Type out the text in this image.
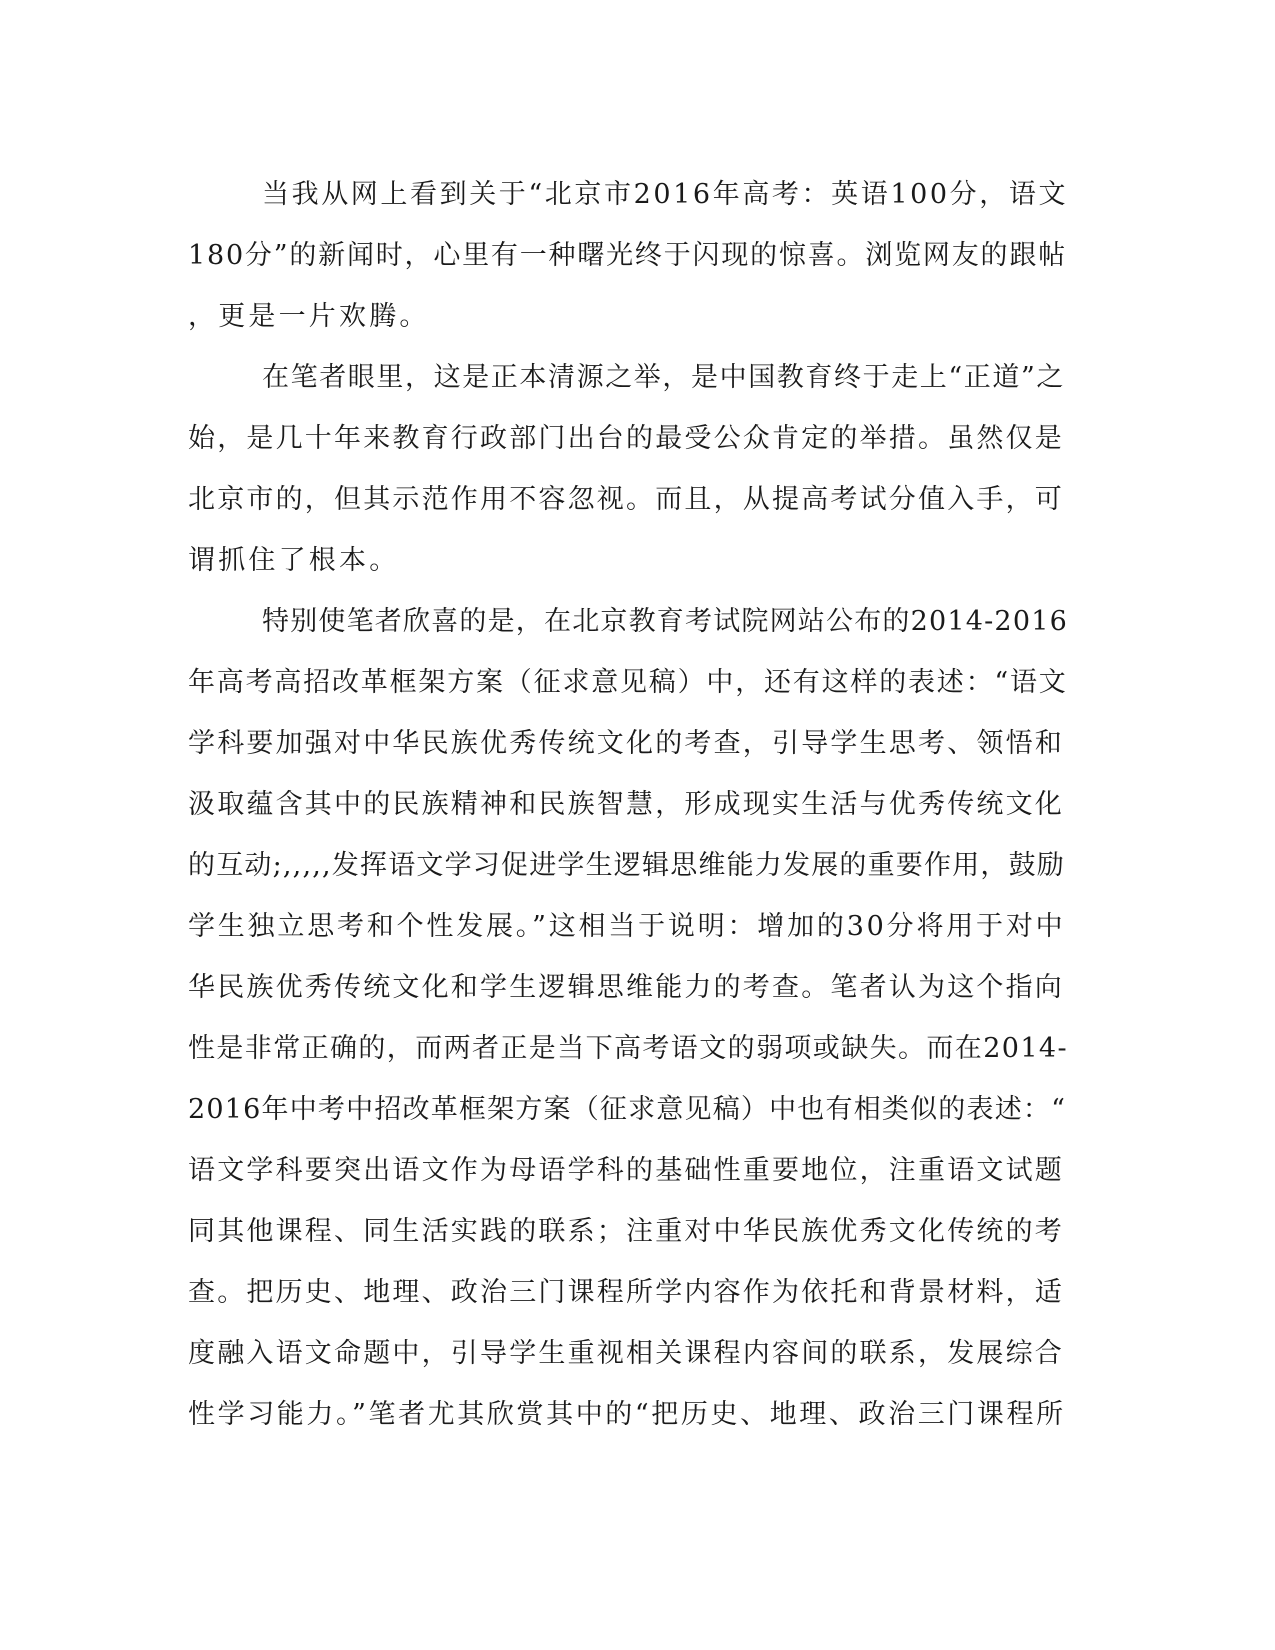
当我从网上看到关于“北京市2016年高考：英语100分，语文
180分”的新闻时，心里有一种曙光终于闪现的惊喜。浏览网友的跟帖
，更是一片欢腾。
在笔者眼里，这是正本清源之举，是中国教育终于走上“正道”之
始，是几十年来教育行政部门出台的最受公众肯定的举措。虽然仅是
北京市的，但其示范作用不容忽视。而且，从提高考试分值入手，可
谓抓住了根本。
特别使笔者欣喜的是，在北京教育考试院网站公布的2014-2016
年高考高招改革框架方案（征求意见稿）中，还有这样的表述：“语文
学科要加强对中华民族优秀传统文化的考查，引导学生思考、领悟和
汲取蕴含其中的民族精神和民族智慧，形成现实生活与优秀传统文化
的互动;,,,,,发挥语文学习促进学生逻辑思维能力发展的重要作用，鼓励
学生独立思考和个性发展。”这相当于说明：增加的30分将用于对中
华民族优秀传统文化和学生逻辑思维能力的考查。笔者认为这个指向
性是非常正确的，而两者正是当下高考语文的弱项或缺失。而在2014-
2016年中考中招改革框架方案（征求意见稿）中也有相类似的表述：“
语文学科要突出语文作为母语学科的基础性重要地位，注重语文试题
同其他课程、同生活实践的联系；注重对中华民族优秀文化传统的考
查。把历史、地理、政治三门课程所学内容作为依托和背景材料，适
度融入语文命题中，引导学生重视相关课程内容间的联系，发展综合
性学习能力。”笔者尤其欣赏其中的“把历史、地理、政治三门课程所
